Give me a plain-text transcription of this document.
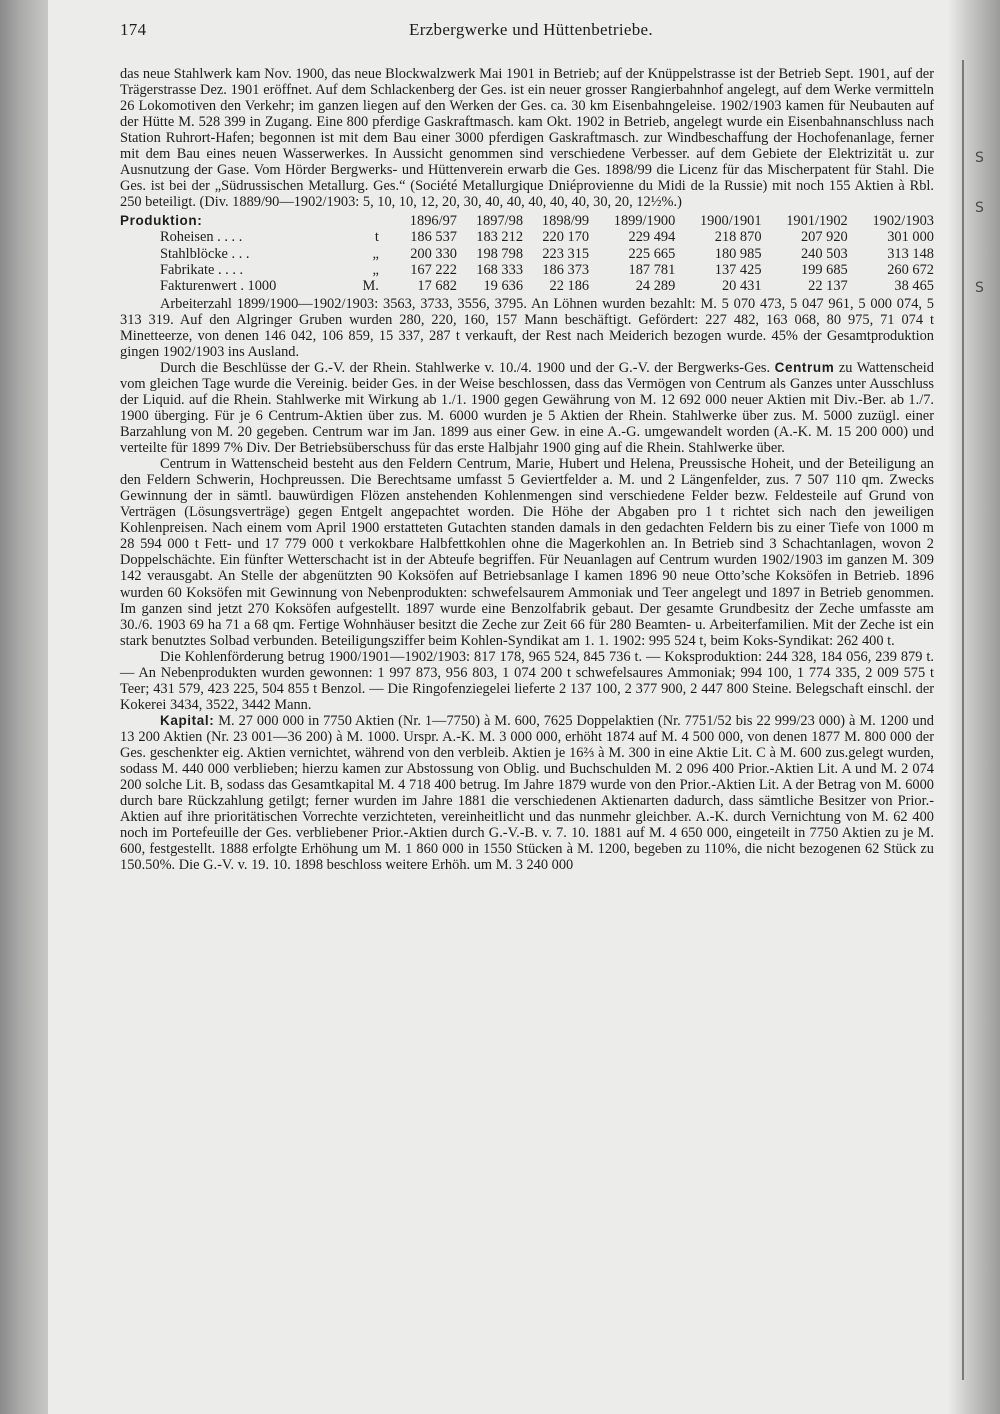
174	Erzbergwerke und Hüttenbetriebe.

das neue Stahlwerk kam Nov. 1900, das neue Blockwalzwerk Mai 1901 in Betrieb; auf der Knüppelstrasse ist der Betrieb Sept. 1901, auf der Trägerstrasse Dez. 1901 eröffnet. Auf dem Schlackenberg der Ges. ist ein neuer grosser Rangierbahnhof angelegt, auf dem Werke vermitteln 26 Lokomotiven den Verkehr; im ganzen liegen auf den Werken der Ges. ca. 30 km Eisenbahngeleise. 1902/1903 kamen für Neubauten auf der Hütte M. 528 399 in Zugang. Eine 800 pferdige Gaskraftmasch. kam Okt. 1902 in Betrieb, angelegt wurde ein Eisenbahnanschluss nach Station Ruhrort-Hafen; begonnen ist mit dem Bau einer 3000 pferdigen Gaskraftmasch. zur Windbeschaffung der Hochofenanlage, ferner mit dem Bau eines neuen Wasserwerkes. In Aussicht genommen sind verschiedene Verbesser. auf dem Gebiete der Elektrizität u. zur Ausnutzung der Gase. Vom Hörder Bergwerks- und Hüttenverein erwarb die Ges. 1898/99 die Licenz für das Mischerpatent für Stahl. Die Ges. ist bei der „Südrussischen Metallurg. Ges.“ (Société Metallurgique Dniéprovienne du Midi de la Russie) mit noch 155 Aktien à Rbl. 250 beteiligt. (Div. 1889/90—1902/1903: 5, 10, 10, 12, 20, 30, 40, 40, 40, 40, 40, 30, 20, 12½%.)

Produktion:		1896/97	1897/98	1898/99	1899/1900	1900/1901	1901/1902	1902/1903
Roheisen . . . .	t	186 537	183 212	220 170	229 494	218 870	207 920	301 000
Stahlblöcke . . .	„	200 330	198 798	223 315	225 665	180 985	240 503	313 148
Fabrikate . . . .	„	167 222	168 333	186 373	187 781	137 425	199 685	260 672
Fakturenwert . 1000	M.	17 682	19 636	22 186	24 289	20 431	22 137	38 465

Arbeiterzahl 1899/1900—1902/1903: 3563, 3733, 3556, 3795. An Löhnen wurden bezahlt: M. 5 070 473, 5 047 961, 5 000 074, 5 313 319. Auf den Algringer Gruben wurden 280, 220, 160, 157 Mann beschäftigt. Gefördert: 227 482, 163 068, 80 975, 71 074 t Minetteerze, von denen 146 042, 106 859, 15 337, 287 t verkauft, der Rest nach Meiderich bezogen wurde. 45% der Gesamtproduktion gingen 1902/1903 ins Ausland.

Durch die Beschlüsse der G.-V. der Rhein. Stahlwerke v. 10./4. 1900 und der G.-V. der Bergwerks-Ges. Centrum zu Wattenscheid vom gleichen Tage wurde die Vereinig. beider Ges. in der Weise beschlossen, dass das Vermögen von Centrum als Ganzes unter Ausschluss der Liquid. auf die Rhein. Stahlwerke mit Wirkung ab 1./1. 1900 gegen Gewährung von M. 12 692 000 neuer Aktien mit Div.-Ber. ab 1./7. 1900 überging. Für je 6 Centrum-Aktien über zus. M. 6000 wurden je 5 Aktien der Rhein. Stahlwerke über zus. M. 5000 zuzügl. einer Barzahlung von M. 20 gegeben. Centrum war im Jan. 1899 aus einer Gew. in eine A.-G. umgewandelt worden (A.-K. M. 15 200 000) und verteilte für 1899 7% Div. Der Betriebsüberschuss für das erste Halbjahr 1900 ging auf die Rhein. Stahlwerke über.

Centrum in Wattenscheid besteht aus den Feldern Centrum, Marie, Hubert und Helena, Preussische Hoheit, und der Beteiligung an den Feldern Schwerin, Hochpreussen. Die Berechtsame umfasst 5 Geviertfelder a. M. und 2 Längenfelder, zus. 7 507 110 qm. Zwecks Gewinnung der in sämtl. bauwürdigen Flözen anstehenden Kohlenmengen sind verschiedene Felder bezw. Feldesteile auf Grund von Verträgen (Lösungsverträge) gegen Entgelt angepachtet worden. Die Höhe der Abgaben pro 1 t richtet sich nach den jeweiligen Kohlenpreisen. Nach einem vom April 1900 erstatteten Gutachten standen damals in den gedachten Feldern bis zu einer Tiefe von 1000 m 28 594 000 t Fett- und 17 779 000 t verkokbare Halbfettkohlen ohne die Magerkohlen an. In Betrieb sind 3 Schachtanlagen, wovon 2 Doppelschächte. Ein fünfter Wetterschacht ist in der Abteufe begriffen. Für Neuanlagen auf Centrum wurden 1902/1903 im ganzen M. 309 142 verausgabt. An Stelle der abgenützten 90 Koksöfen auf Betriebsanlage I kamen 1896 90 neue Otto’sche Koksöfen in Betrieb. 1896 wurden 60 Koksöfen mit Gewinnung von Nebenprodukten: schwefelsaurem Ammoniak und Teer angelegt und 1897 in Betrieb genommen. Im ganzen sind jetzt 270 Koksöfen aufgestellt. 1897 wurde eine Benzolfabrik gebaut. Der gesamte Grundbesitz der Zeche umfasste am 30./6. 1903 69 ha 71 a 68 qm. Fertige Wohnhäuser besitzt die Zeche zur Zeit 66 für 280 Beamten- u. Arbeiterfamilien. Mit der Zeche ist ein stark benutztes Solbad verbunden. Beteiligungsziffer beim Kohlen-Syndikat am 1. 1. 1902: 995 524 t, beim Koks-Syndikat: 262 400 t.

Die Kohlenförderung betrug 1900/1901—1902/1903: 817 178, 965 524, 845 736 t. — Koksproduktion: 244 328, 184 056, 239 879 t. — An Nebenprodukten wurden gewonnen: 1 997 873, 956 803, 1 074 200 t schwefelsaures Ammoniak; 994 100, 1 774 335, 2 009 575 t Teer; 431 579, 423 225, 504 855 t Benzol. — Die Ringofenziegelei lieferte 2 137 100, 2 377 900, 2 447 800 Steine. Belegschaft einschl. der Kokerei 3434, 3522, 3442 Mann.

Kapital: M. 27 000 000 in 7750 Aktien (Nr. 1—7750) à M. 600, 7625 Doppelaktien (Nr. 7751/52 bis 22 999/23 000) à M. 1200 und 13 200 Aktien (Nr. 23 001—36 200) à M. 1000. Urspr. A.-K. M. 3 000 000, erhöht 1874 auf M. 4 500 000, von denen 1877 M. 800 000 der Ges. geschenkter eig. Aktien vernichtet, während von den verbleib. Aktien je 16⅔ à M. 300 in eine Aktie Lit. C à M. 600 zus.gelegt wurden, sodass M. 440 000 verblieben; hierzu kamen zur Abstossung von Oblig. und Buchschulden M. 2 096 400 Prior.-Aktien Lit. A und M. 2 074 200 solche Lit. B, sodass das Gesamtkapital M. 4 718 400 betrug. Im Jahre 1879 wurde von den Prior.-Aktien Lit. A der Betrag von M. 6000 durch bare Rückzahlung getilgt; ferner wurden im Jahre 1881 die verschiedenen Aktienarten dadurch, dass sämtliche Besitzer von Prior.-Aktien auf ihre prioritätischen Vorrechte verzichteten, vereinheitlicht und das nunmehr gleichber. A.-K. durch Vernichtung von M. 62 400 noch im Portefeuille der Ges. verbliebener Prior.-Aktien durch G.-V.-B. v. 7. 10. 1881 auf M. 4 650 000, eingeteilt in 7750 Aktien zu je M. 600, festgestellt. 1888 erfolgte Erhöhung um M. 1 860 000 in 1550 Stücken à M. 1200, begeben zu 110%, die nicht bezogenen 62 Stück zu 150.50%. Die G.-V. v. 19. 10. 1898 beschloss weitere Erhöh. um M. 3 240 000

S
S
S
